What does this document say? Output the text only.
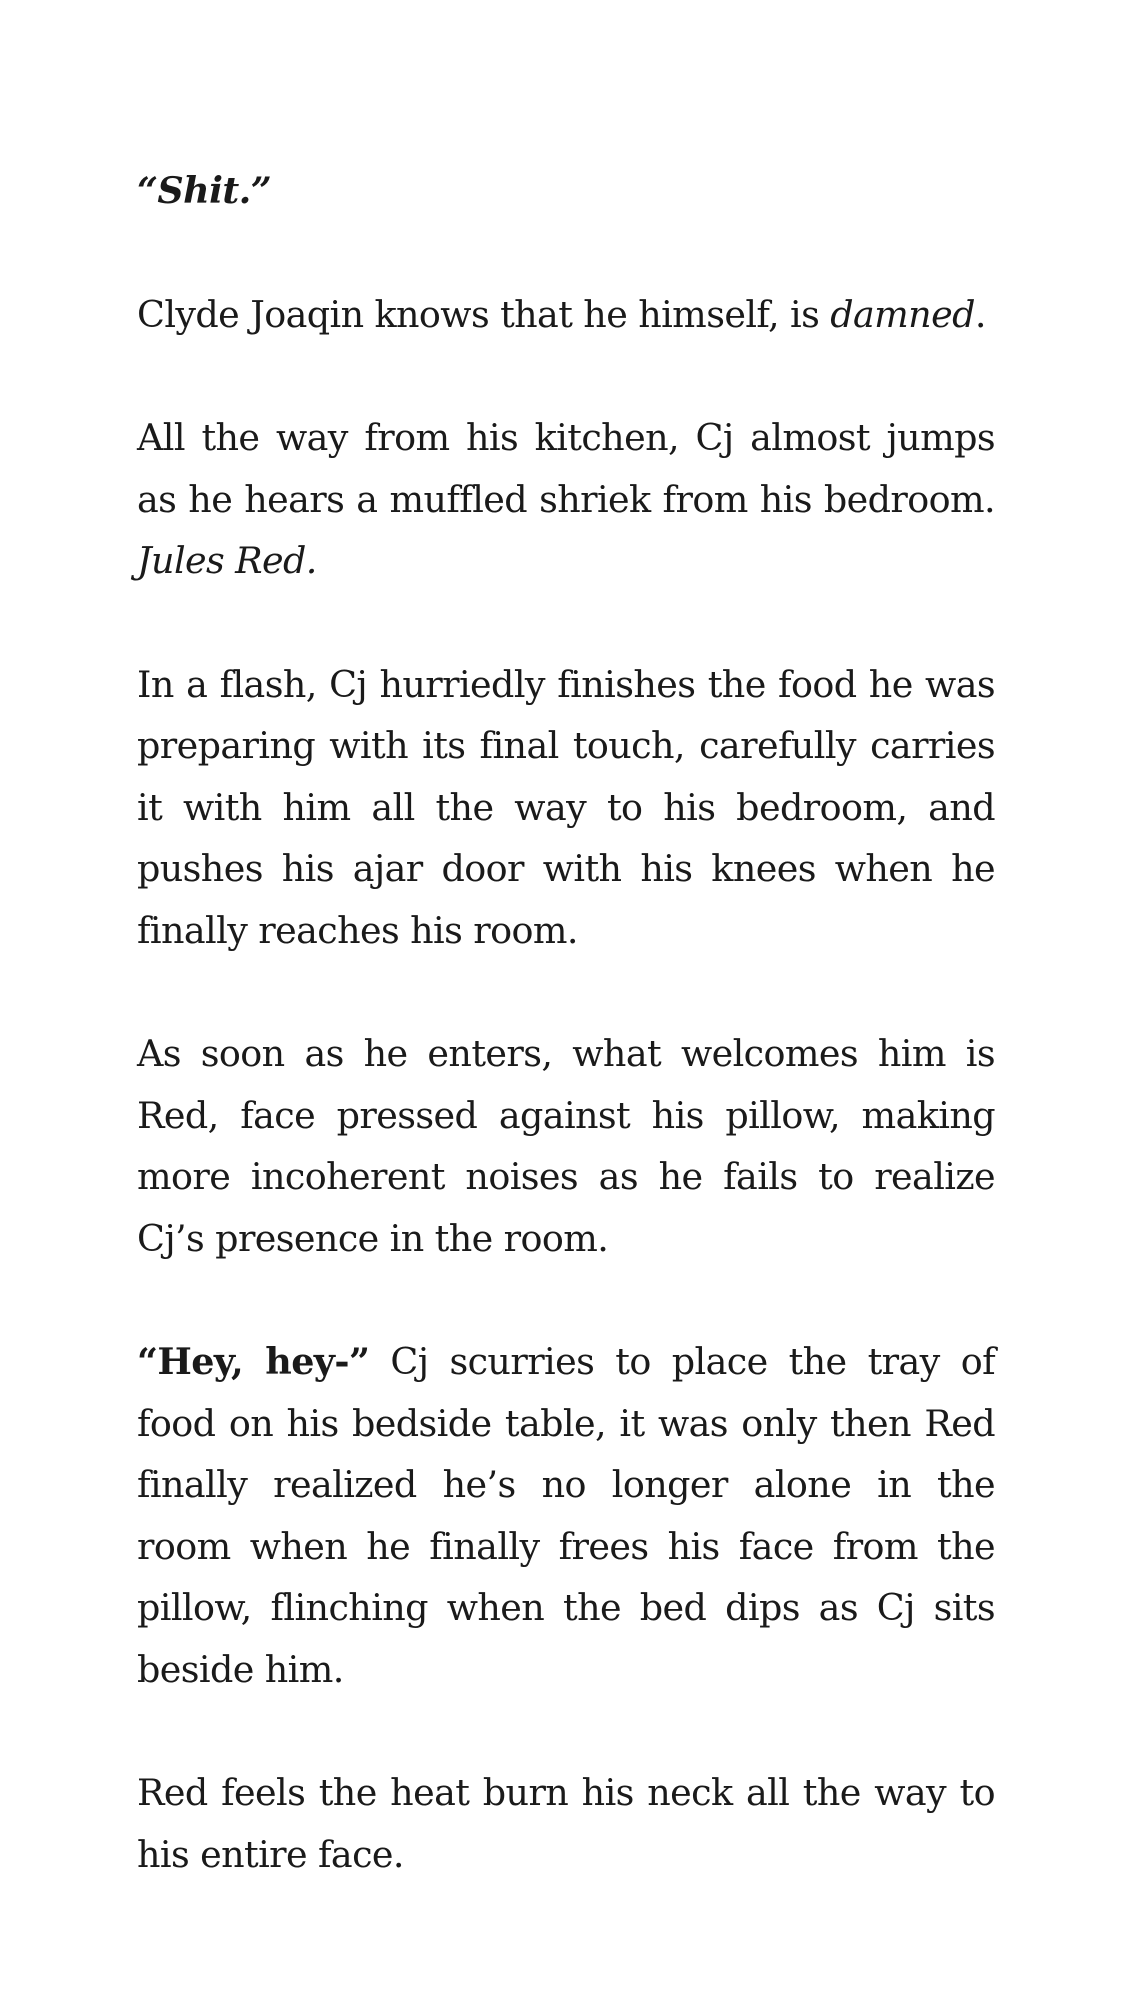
“Shit.”

Clyde Joaqin knows that he himself, is damned.

All the way from his kitchen, Cj almost jumps as he hears a muffled shriek from his bedroom. Jules Red.

In a flash, Cj hurriedly finishes the food he was preparing with its final touch, carefully carries it with him all the way to his bedroom, and pushes his ajar door with his knees when he finally reaches his room.

As soon as he enters, what welcomes him is Red, face pressed against his pillow, making more incoherent noises as he fails to realize Cj’s presence in the room.

“Hey, hey-” Cj scurries to place the tray of food on his bedside table, it was only then Red finally realized he’s no longer alone in the room when he finally frees his face from the pillow, flinching when the bed dips as Cj sits beside him.

Red feels the heat burn his neck all the way to his entire face.
